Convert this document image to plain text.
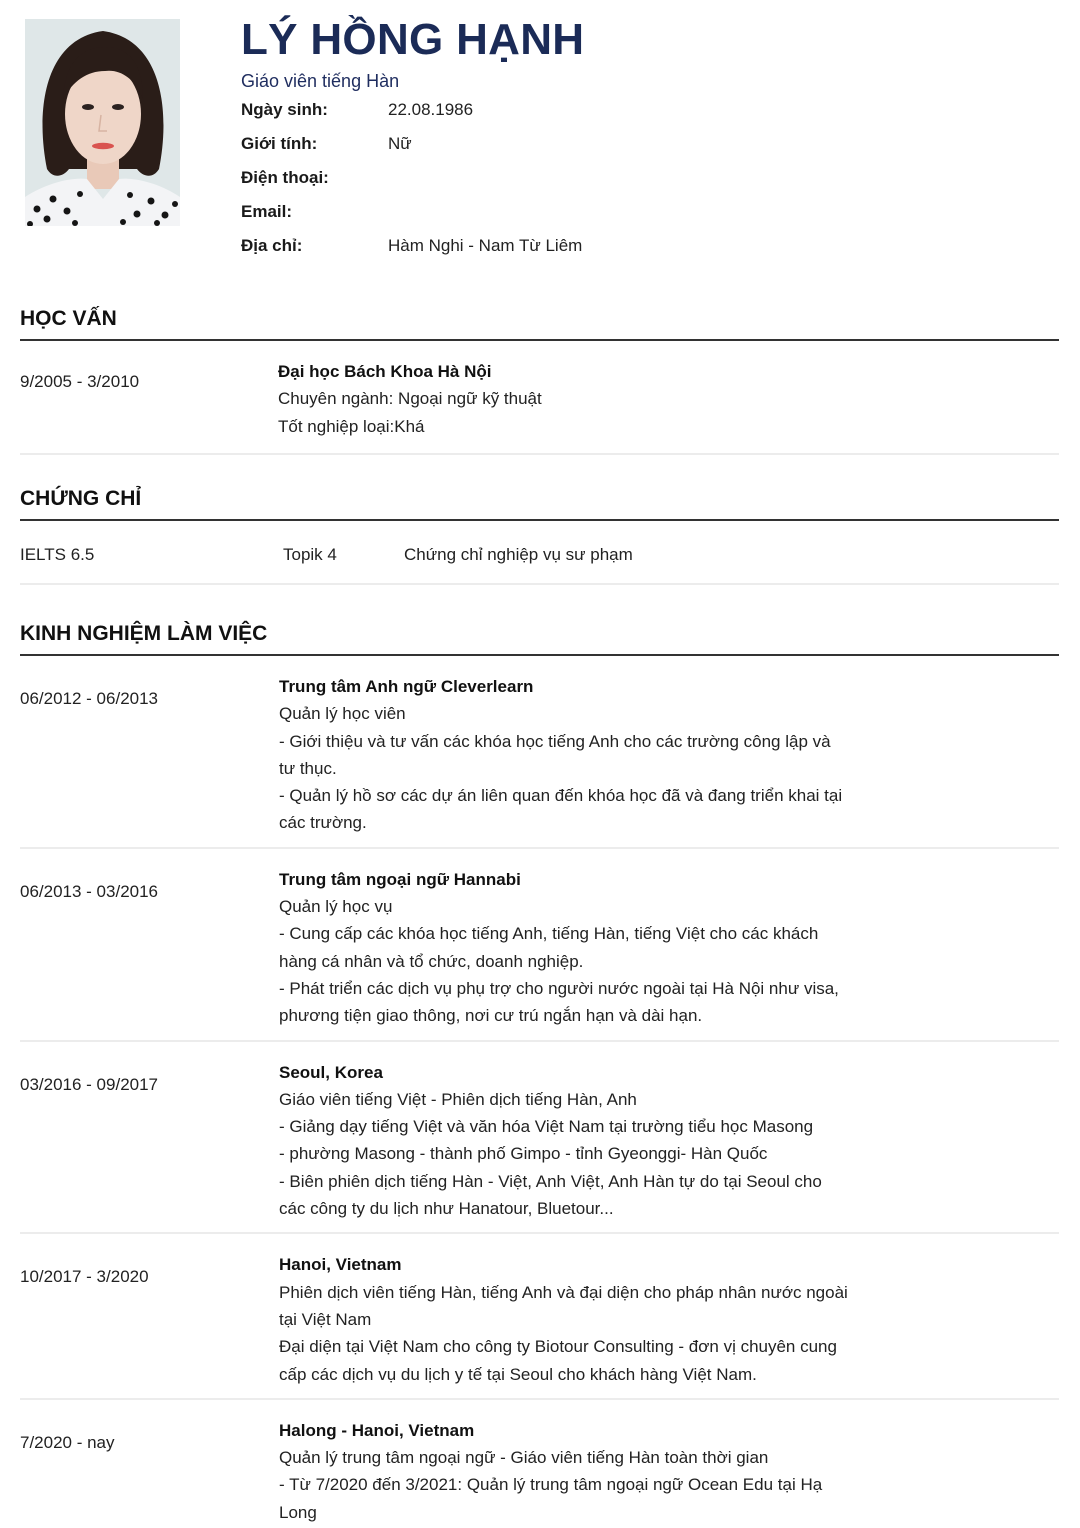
LÝ HỒNG HẠNH
Giáo viên tiếng Hàn
Ngày sinh:	22.08.1986
Giới tính:	Nữ
Điện thoại:
Email:
Địa chỉ:	Hàm Nghi - Nam Từ Liêm
HỌC VẤN
9/2005 - 3/2010
Đại học Bách Khoa Hà Nội
Chuyên ngành: Ngoại ngữ kỹ thuật
Tốt nghiệp loại:Khá
CHỨNG CHỈ
IELTS 6.5	Topik 4	Chứng chỉ nghiệp vụ sư phạm
KINH NGHIỆM LÀM VIỆC
06/2012 - 06/2013
Trung tâm Anh ngữ Cleverlearn
Quản lý học viên
- Giới thiệu và tư vấn các khóa học tiếng Anh cho các trường công lập và tư thục.
- Quản lý hồ sơ các dự án liên quan đến khóa học đã và đang triển khai tại các trường.
06/2013 - 03/2016
Trung tâm ngoại ngữ Hannabi
Quản lý học vụ
- Cung cấp các khóa học tiếng Anh, tiếng Hàn, tiếng Việt cho các khách hàng cá nhân và tổ chức, doanh nghiệp.
- Phát triển các dịch vụ phụ trợ cho người nước ngoài tại Hà Nội như visa, phương tiện giao thông, nơi cư trú ngắn hạn và dài hạn.
03/2016 - 09/2017
Seoul, Korea
Giáo viên tiếng Việt - Phiên dịch tiếng Hàn, Anh
- Giảng dạy tiếng Việt và văn hóa Việt Nam tại trường tiểu học Masong
- phường Masong - thành phố Gimpo - tỉnh Gyeonggi- Hàn Quốc
- Biên phiên dịch tiếng Hàn - Việt, Anh Việt, Anh Hàn tự do tại Seoul cho các công ty du lịch như Hanatour, Bluetour...
10/2017 - 3/2020
Hanoi, Vietnam
Phiên dịch viên tiếng Hàn, tiếng Anh và đại diện cho pháp nhân nước ngoài tại Việt Nam
Đại diện tại Việt Nam cho công ty Biotour Consulting - đơn vị chuyên cung cấp các dịch vụ du lịch y tế tại Seoul cho khách hàng Việt Nam.
7/2020 - nay
Halong - Hanoi, Vietnam
Quản lý trung tâm ngoại ngữ - Giáo viên tiếng Hàn toàn thời gian
- Từ 7/2020 đến 3/2021: Quản lý trung tâm ngoại ngữ Ocean Edu tại Hạ Long
